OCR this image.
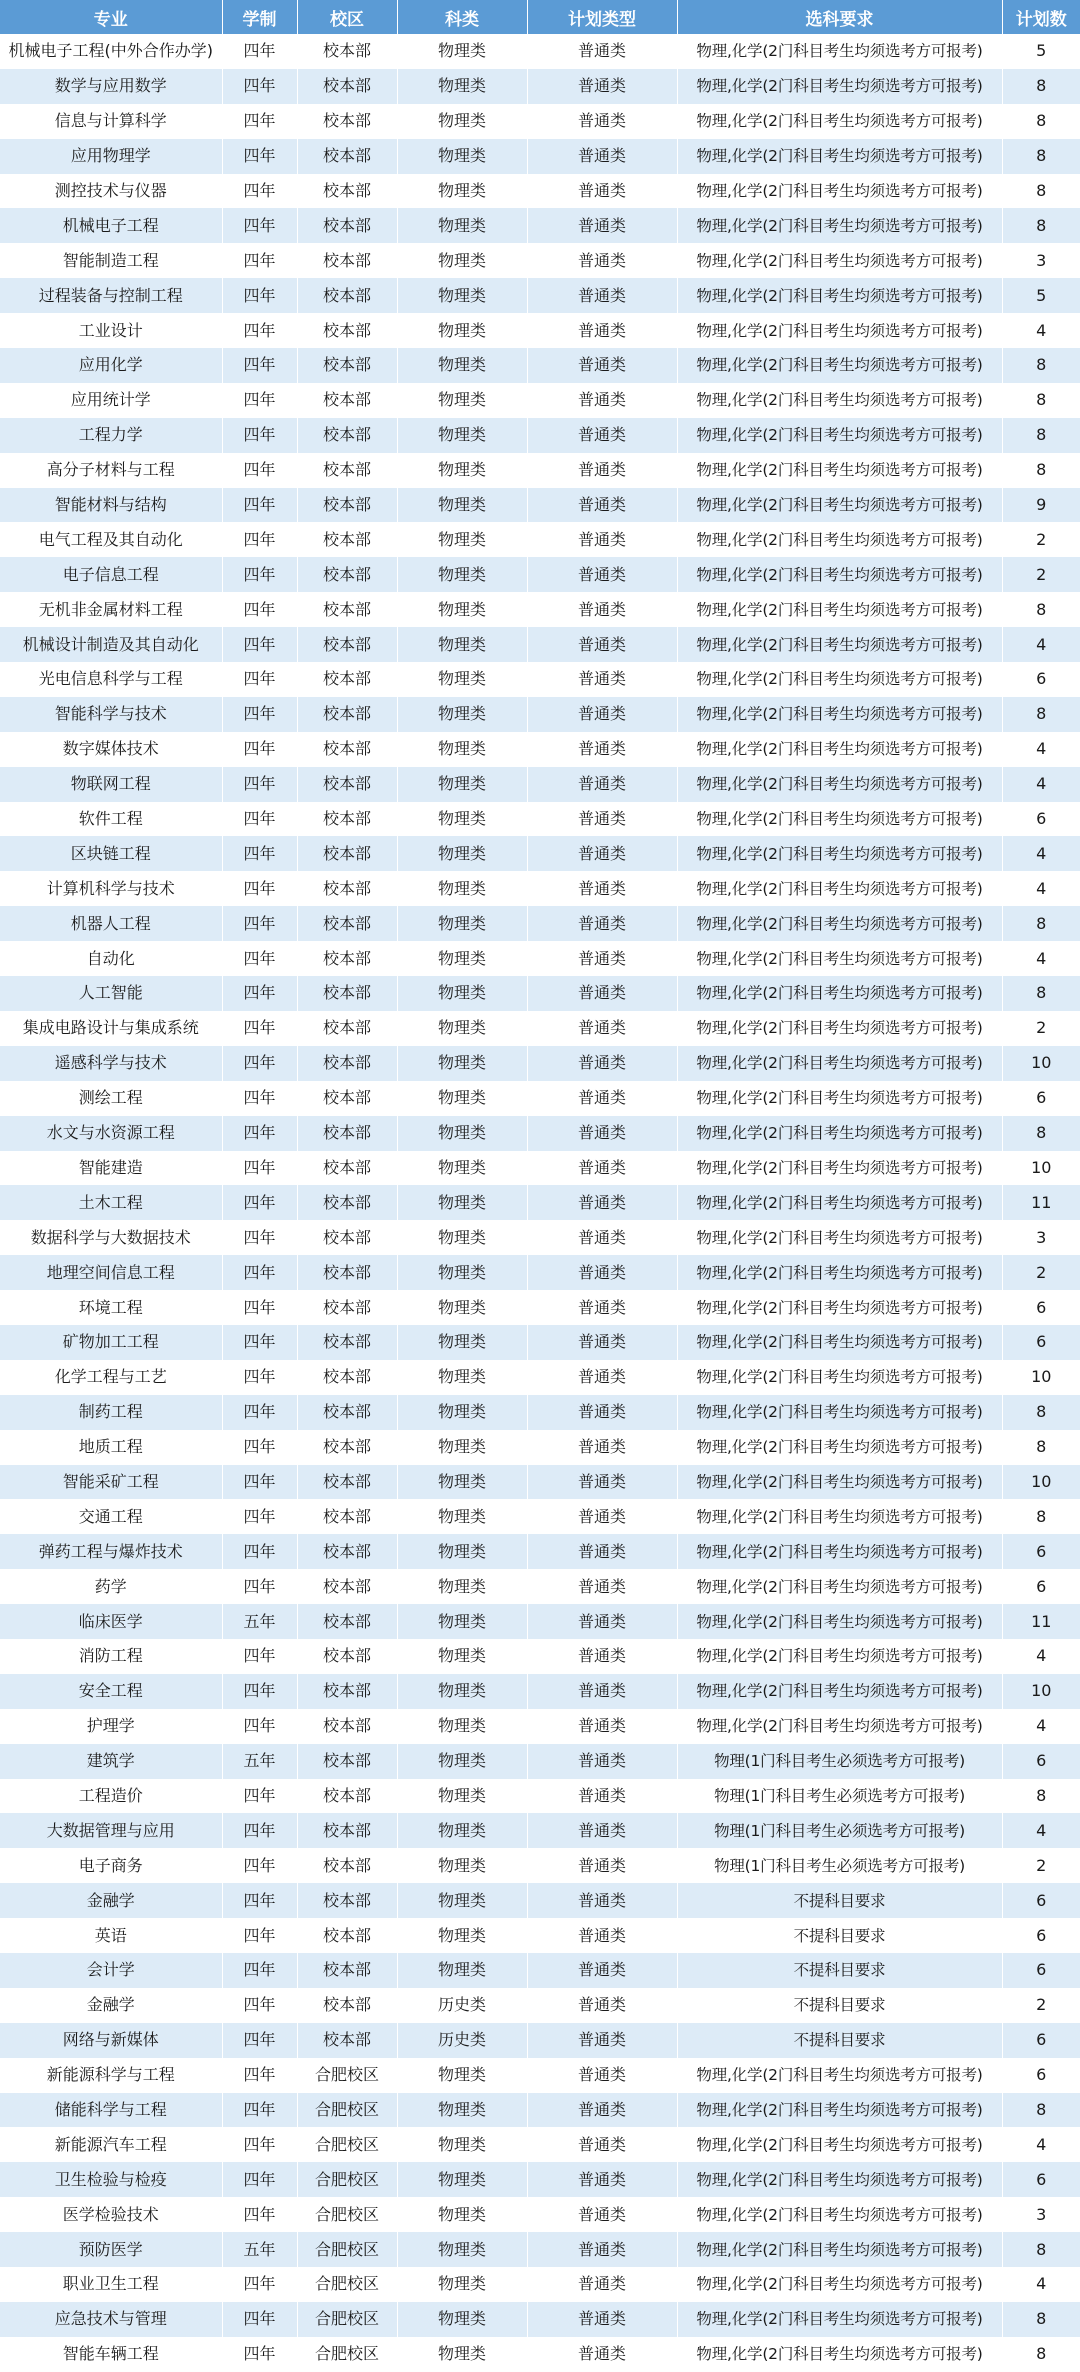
专业	学制	校区	科类	计划类型	选科要求	计划数
机械电子工程(中外合作办学)	四年	校本部	物理类	普通类	物理,化学(2门科目考生均须选考方可报考)	5
数学与应用数学	四年	校本部	物理类	普通类	物理,化学(2门科目考生均须选考方可报考)	8
信息与计算科学	四年	校本部	物理类	普通类	物理,化学(2门科目考生均须选考方可报考)	8
应用物理学	四年	校本部	物理类	普通类	物理,化学(2门科目考生均须选考方可报考)	8
测控技术与仪器	四年	校本部	物理类	普通类	物理,化学(2门科目考生均须选考方可报考)	8
机械电子工程	四年	校本部	物理类	普通类	物理,化学(2门科目考生均须选考方可报考)	8
智能制造工程	四年	校本部	物理类	普通类	物理,化学(2门科目考生均须选考方可报考)	3
过程装备与控制工程	四年	校本部	物理类	普通类	物理,化学(2门科目考生均须选考方可报考)	5
工业设计	四年	校本部	物理类	普通类	物理,化学(2门科目考生均须选考方可报考)	4
应用化学	四年	校本部	物理类	普通类	物理,化学(2门科目考生均须选考方可报考)	8
应用统计学	四年	校本部	物理类	普通类	物理,化学(2门科目考生均须选考方可报考)	8
工程力学	四年	校本部	物理类	普通类	物理,化学(2门科目考生均须选考方可报考)	8
高分子材料与工程	四年	校本部	物理类	普通类	物理,化学(2门科目考生均须选考方可报考)	8
智能材料与结构	四年	校本部	物理类	普通类	物理,化学(2门科目考生均须选考方可报考)	9
电气工程及其自动化	四年	校本部	物理类	普通类	物理,化学(2门科目考生均须选考方可报考)	2
电子信息工程	四年	校本部	物理类	普通类	物理,化学(2门科目考生均须选考方可报考)	2
无机非金属材料工程	四年	校本部	物理类	普通类	物理,化学(2门科目考生均须选考方可报考)	8
机械设计制造及其自动化	四年	校本部	物理类	普通类	物理,化学(2门科目考生均须选考方可报考)	4
光电信息科学与工程	四年	校本部	物理类	普通类	物理,化学(2门科目考生均须选考方可报考)	6
智能科学与技术	四年	校本部	物理类	普通类	物理,化学(2门科目考生均须选考方可报考)	8
数字媒体技术	四年	校本部	物理类	普通类	物理,化学(2门科目考生均须选考方可报考)	4
物联网工程	四年	校本部	物理类	普通类	物理,化学(2门科目考生均须选考方可报考)	4
软件工程	四年	校本部	物理类	普通类	物理,化学(2门科目考生均须选考方可报考)	6
区块链工程	四年	校本部	物理类	普通类	物理,化学(2门科目考生均须选考方可报考)	4
计算机科学与技术	四年	校本部	物理类	普通类	物理,化学(2门科目考生均须选考方可报考)	4
机器人工程	四年	校本部	物理类	普通类	物理,化学(2门科目考生均须选考方可报考)	8
自动化	四年	校本部	物理类	普通类	物理,化学(2门科目考生均须选考方可报考)	4
人工智能	四年	校本部	物理类	普通类	物理,化学(2门科目考生均须选考方可报考)	8
集成电路设计与集成系统	四年	校本部	物理类	普通类	物理,化学(2门科目考生均须选考方可报考)	2
遥感科学与技术	四年	校本部	物理类	普通类	物理,化学(2门科目考生均须选考方可报考)	10
测绘工程	四年	校本部	物理类	普通类	物理,化学(2门科目考生均须选考方可报考)	6
水文与水资源工程	四年	校本部	物理类	普通类	物理,化学(2门科目考生均须选考方可报考)	8
智能建造	四年	校本部	物理类	普通类	物理,化学(2门科目考生均须选考方可报考)	10
土木工程	四年	校本部	物理类	普通类	物理,化学(2门科目考生均须选考方可报考)	11
数据科学与大数据技术	四年	校本部	物理类	普通类	物理,化学(2门科目考生均须选考方可报考)	3
地理空间信息工程	四年	校本部	物理类	普通类	物理,化学(2门科目考生均须选考方可报考)	2
环境工程	四年	校本部	物理类	普通类	物理,化学(2门科目考生均须选考方可报考)	6
矿物加工工程	四年	校本部	物理类	普通类	物理,化学(2门科目考生均须选考方可报考)	6
化学工程与工艺	四年	校本部	物理类	普通类	物理,化学(2门科目考生均须选考方可报考)	10
制药工程	四年	校本部	物理类	普通类	物理,化学(2门科目考生均须选考方可报考)	8
地质工程	四年	校本部	物理类	普通类	物理,化学(2门科目考生均须选考方可报考)	8
智能采矿工程	四年	校本部	物理类	普通类	物理,化学(2门科目考生均须选考方可报考)	10
交通工程	四年	校本部	物理类	普通类	物理,化学(2门科目考生均须选考方可报考)	8
弹药工程与爆炸技术	四年	校本部	物理类	普通类	物理,化学(2门科目考生均须选考方可报考)	6
药学	四年	校本部	物理类	普通类	物理,化学(2门科目考生均须选考方可报考)	6
临床医学	五年	校本部	物理类	普通类	物理,化学(2门科目考生均须选考方可报考)	11
消防工程	四年	校本部	物理类	普通类	物理,化学(2门科目考生均须选考方可报考)	4
安全工程	四年	校本部	物理类	普通类	物理,化学(2门科目考生均须选考方可报考)	10
护理学	四年	校本部	物理类	普通类	物理,化学(2门科目考生均须选考方可报考)	4
建筑学	五年	校本部	物理类	普通类	物理(1门科目考生必须选考方可报考)	6
工程造价	四年	校本部	物理类	普通类	物理(1门科目考生必须选考方可报考)	8
大数据管理与应用	四年	校本部	物理类	普通类	物理(1门科目考生必须选考方可报考)	4
电子商务	四年	校本部	物理类	普通类	物理(1门科目考生必须选考方可报考)	2
金融学	四年	校本部	物理类	普通类	不提科目要求	6
英语	四年	校本部	物理类	普通类	不提科目要求	6
会计学	四年	校本部	物理类	普通类	不提科目要求	6
金融学	四年	校本部	历史类	普通类	不提科目要求	2
网络与新媒体	四年	校本部	历史类	普通类	不提科目要求	6
新能源科学与工程	四年	合肥校区	物理类	普通类	物理,化学(2门科目考生均须选考方可报考)	6
储能科学与工程	四年	合肥校区	物理类	普通类	物理,化学(2门科目考生均须选考方可报考)	8
新能源汽车工程	四年	合肥校区	物理类	普通类	物理,化学(2门科目考生均须选考方可报考)	4
卫生检验与检疫	四年	合肥校区	物理类	普通类	物理,化学(2门科目考生均须选考方可报考)	6
医学检验技术	四年	合肥校区	物理类	普通类	物理,化学(2门科目考生均须选考方可报考)	3
预防医学	五年	合肥校区	物理类	普通类	物理,化学(2门科目考生均须选考方可报考)	8
职业卫生工程	四年	合肥校区	物理类	普通类	物理,化学(2门科目考生均须选考方可报考)	4
应急技术与管理	四年	合肥校区	物理类	普通类	物理,化学(2门科目考生均须选考方可报考)	8
智能车辆工程	四年	合肥校区	物理类	普通类	物理,化学(2门科目考生均须选考方可报考)	8
